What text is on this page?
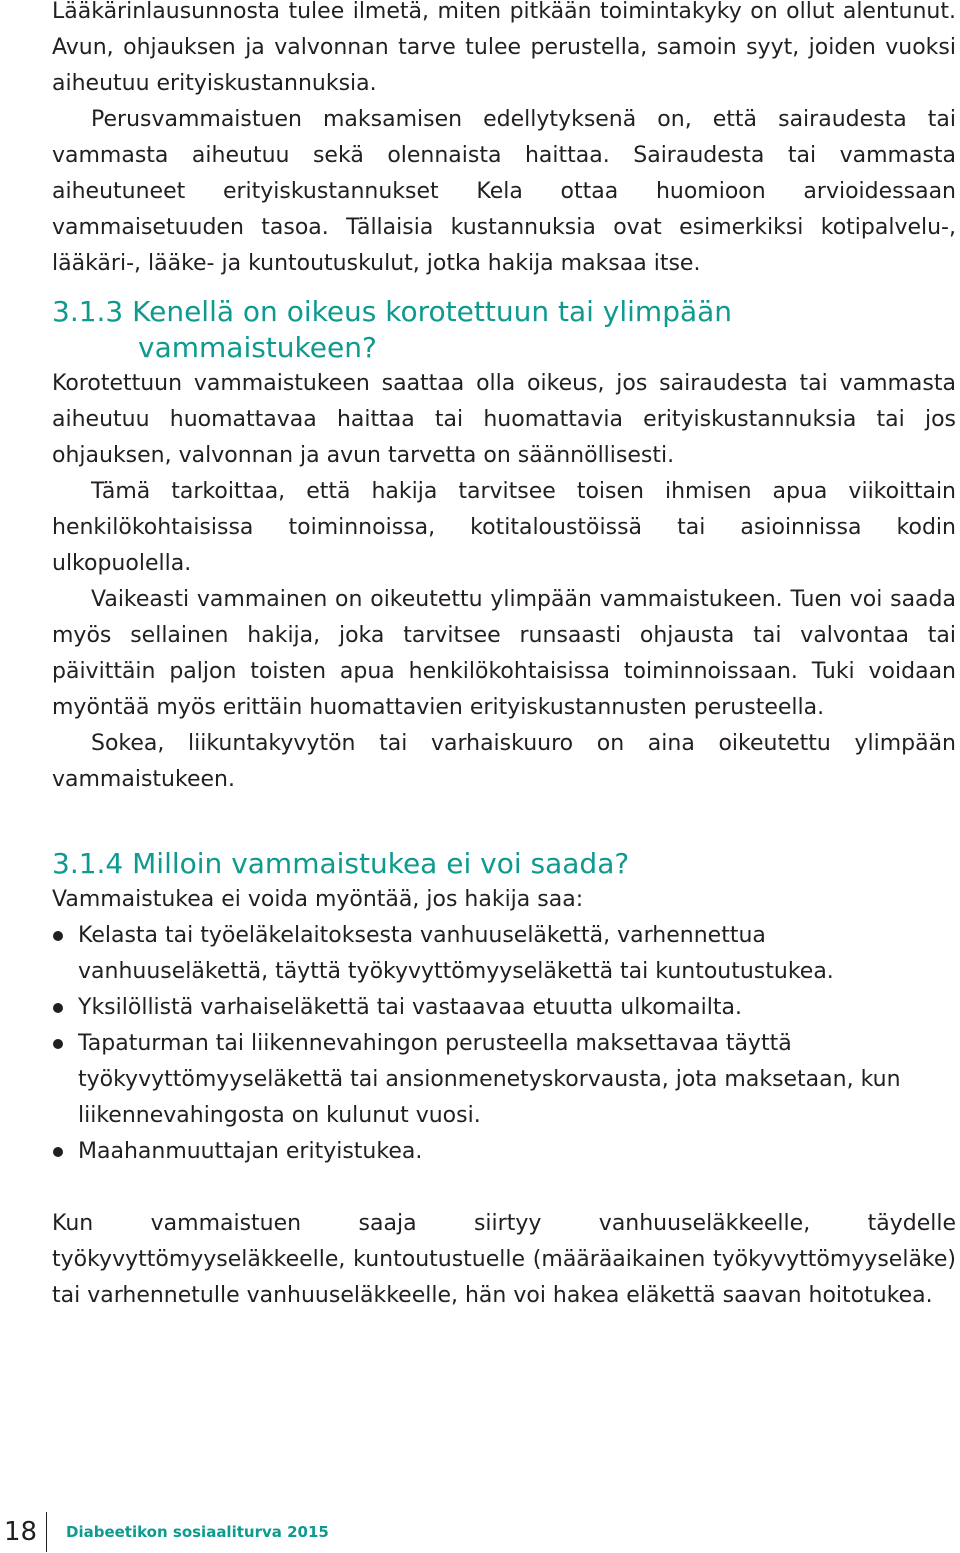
Lääkärinlausunnosta tulee ilmetä, miten pitkään toimintakyky on ollut alentunut. Avun, ohjauksen ja valvonnan tarve tulee perustella, samoin syyt, joiden vuoksi aiheutuu erityiskustannuksia.

Perusvammaistuen maksamisen edellytyksenä on, että sairaudesta tai vammasta aiheutuu sekä olennaista haittaa. Sairaudesta tai vammasta aiheutuneet erityiskustannukset Kela ottaa huomioon arvioidessaan vammaisetuuden tasoa. Tällaisia kustannuksia ovat esimerkiksi kotipalvelu-, lääkäri-, lääke- ja kuntoutuskulut, jotka hakija maksaa itse.

3.1.3 Kenellä on oikeus korotettuun tai ylimpään vammaistukeen?

Korotettuun vammaistukeen saattaa olla oikeus, jos sairaudesta tai vammasta aiheutuu huomattavaa haittaa tai huomattavia erityiskustannuksia tai jos ohjauksen, valvonnan ja avun tarvetta on säännöllisesti.

Tämä tarkoittaa, että hakija tarvitsee toisen ihmisen apua viikoittain henkilökohtaisissa toiminnoissa, kotitaloustöissä tai asioinnissa kodin ulkopuolella.

Vaikeasti vammainen on oikeutettu ylimpään vammaistukeen. Tuen voi saada myös sellainen hakija, joka tarvitsee runsaasti ohjausta tai valvontaa tai päivittäin paljon toisten apua henkilökohtaisissa toiminnoissaan. Tuki voidaan myöntää myös erittäin huomattavien erityiskustannusten perusteella.

Sokea, liikuntakyvytön tai varhaiskuuro on aina oikeutettu ylimpään vammaistukeen.

3.1.4 Milloin vammaistukea ei voi saada?

Vammaistukea ei voida myöntää, jos hakija saa:

Kelasta tai työeläkelaitoksesta vanhuuseläkettä, varhennettua vanhuuseläkettä, täyttä työkyvyttömyyseläkettä tai kuntoutustukea.
Yksilöllistä varhaiseläkettä tai vastaavaa etuutta ulkomailta.
Tapaturman tai liikennevahingon perusteella maksettavaa täyttä työkyvyttömyyseläkettä tai ansionmenetyskorvausta, jota maksetaan, kun liikennevahingosta on kulunut vuosi.
Maahanmuuttajan erityistukea.

Kun vammaistuen saaja siirtyy vanhuuseläkkeelle, täydelle työkyvyttömyyseläkkeelle, kuntoutustuelle (määräaikainen työkyvyttömyyseläke) tai varhennetulle vanhuuseläkkeelle, hän voi hakea eläkettä saavan hoitotukea.

18	Diabeetikon sosiaaliturva 2015
